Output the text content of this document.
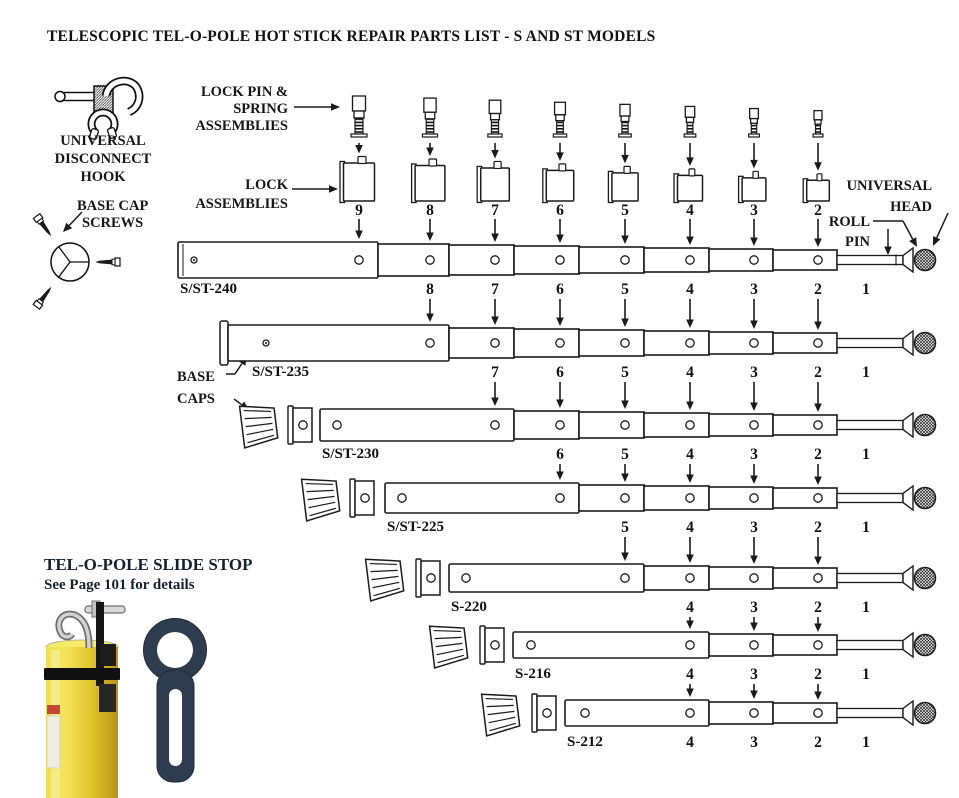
TELESCOPIC TEL-O-POLE HOT STICK REPAIR PARTS LIST - S AND ST MODELS
UNIVERSAL
DISCONNECT
HOOK
BASE CAP
SCREWS
LOCK PIN &
SPRING
ASSEMBLIES
LOCK
ASSEMBLIES
BASE
CAPS
UNIVERSAL
HEAD
ROLL
PIN
S/ST-240
S/ST-235
S/ST-230
S/ST-225
S-220
S-216
S-212
TEL-O-POLE SLIDE STOP
See Page 101 for details
9	8	7	6	5	4	3	2
8	7	6	5	4	3	2	1
7	6	5	4	3	2	1
6	5	4	3	2	1
5	4	3	2	1
4	3	2	1
4	3	2	1
4	3	2	1
